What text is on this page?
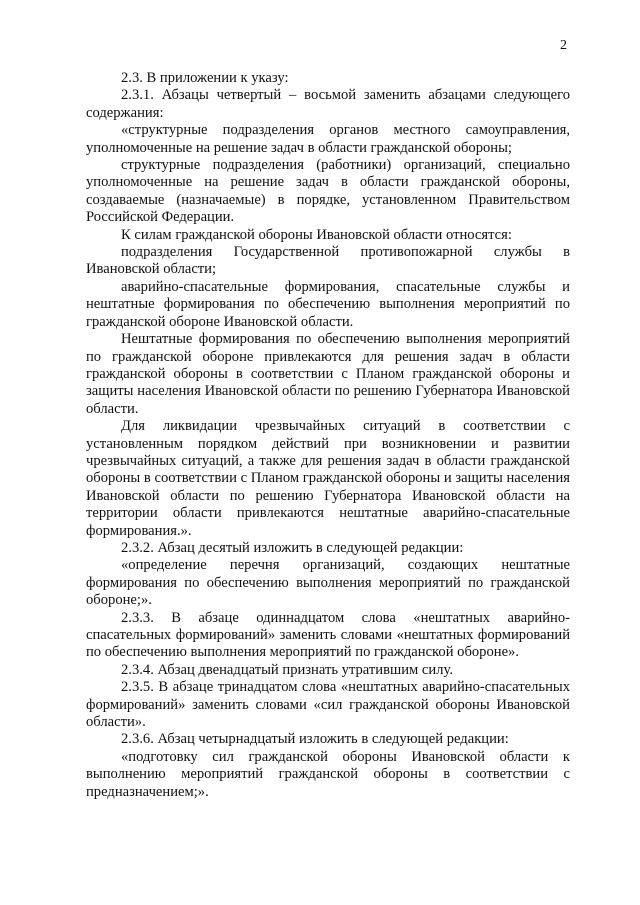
2

2.3. В приложении к указу:

2.3.1. Абзацы четвертый – восьмой заменить абзацами следующего содержания:

«структурные подразделения органов местного самоуправления, уполномоченные на решение задач в области гражданской обороны;

структурные подразделения (работники) организаций, специально уполномоченные на решение задач в области гражданской обороны, создаваемые (назначаемые) в порядке, установленном Правительством Российской Федерации.

К силам гражданской обороны Ивановской области относятся:

подразделения Государственной противопожарной службы в Ивановской области;

аварийно-спасательные формирования, спасательные службы и нештатные формирования по обеспечению выполнения мероприятий по гражданской обороне Ивановской области.

Нештатные формирования по обеспечению выполнения мероприятий по гражданской обороне привлекаются для решения задач в области гражданской обороны в соответствии с Планом гражданской обороны и защиты населения Ивановской области по решению Губернатора Ивановской области.

Для ликвидации чрезвычайных ситуаций в соответствии с установленным порядком действий при возникновении и развитии чрезвычайных ситуаций, а также для решения задач в области гражданской обороны в соответствии с Планом гражданской обороны и защиты населения Ивановской области по решению Губернатора Ивановской области на территории области привлекаются нештатные аварийно-спасательные формирования.».

2.3.2. Абзац десятый изложить в следующей редакции:

«определение перечня организаций, создающих нештатные формирования по обеспечению выполнения мероприятий по гражданской обороне;».

2.3.3. В абзаце одиннадцатом слова «нештатных аварийно-спасательных формирований» заменить словами «нештатных формирований по обеспечению выполнения мероприятий по гражданской обороне».

2.3.4. Абзац двенадцатый признать утратившим силу.

2.3.5. В абзаце тринадцатом слова «нештатных аварийно-спасательных формирований» заменить словами «сил гражданской обороны Ивановской области».

2.3.6. Абзац четырнадцатый изложить в следующей редакции:

«подготовку сил гражданской обороны Ивановской области к выполнению мероприятий гражданской обороны в соответствии с предназначением;».
